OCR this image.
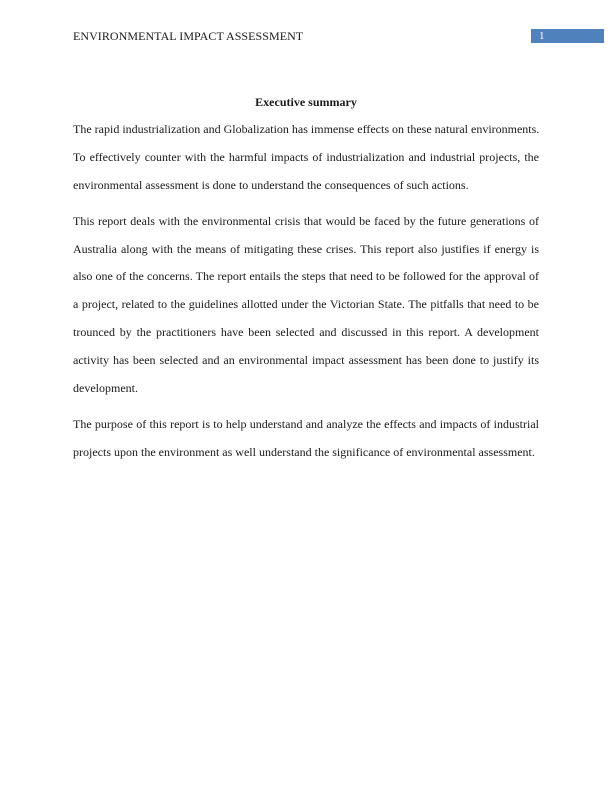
ENVIRONMENTAL IMPACT ASSESSMENT	1
Executive summary
The rapid industrialization and Globalization has immense effects on these natural environments.
To effectively counter with the harmful impacts of industrialization and industrial projects, the
environmental assessment is done to understand the consequences of such actions.
This report deals with the environmental crisis that would be faced by the future generations of
Australia along with the means of mitigating these crises. This report also justifies if energy is
also one of the concerns. The report entails the steps that need to be followed for the approval of
a project, related to the guidelines allotted under the Victorian State. The pitfalls that need to be
trounced by the practitioners have been selected and discussed in this report. A development
activity has been selected and an environmental impact assessment has been done to justify its
development.
The purpose of this report is to help understand and analyze the effects and impacts of industrial
projects upon the environment as well understand the significance of environmental assessment.
